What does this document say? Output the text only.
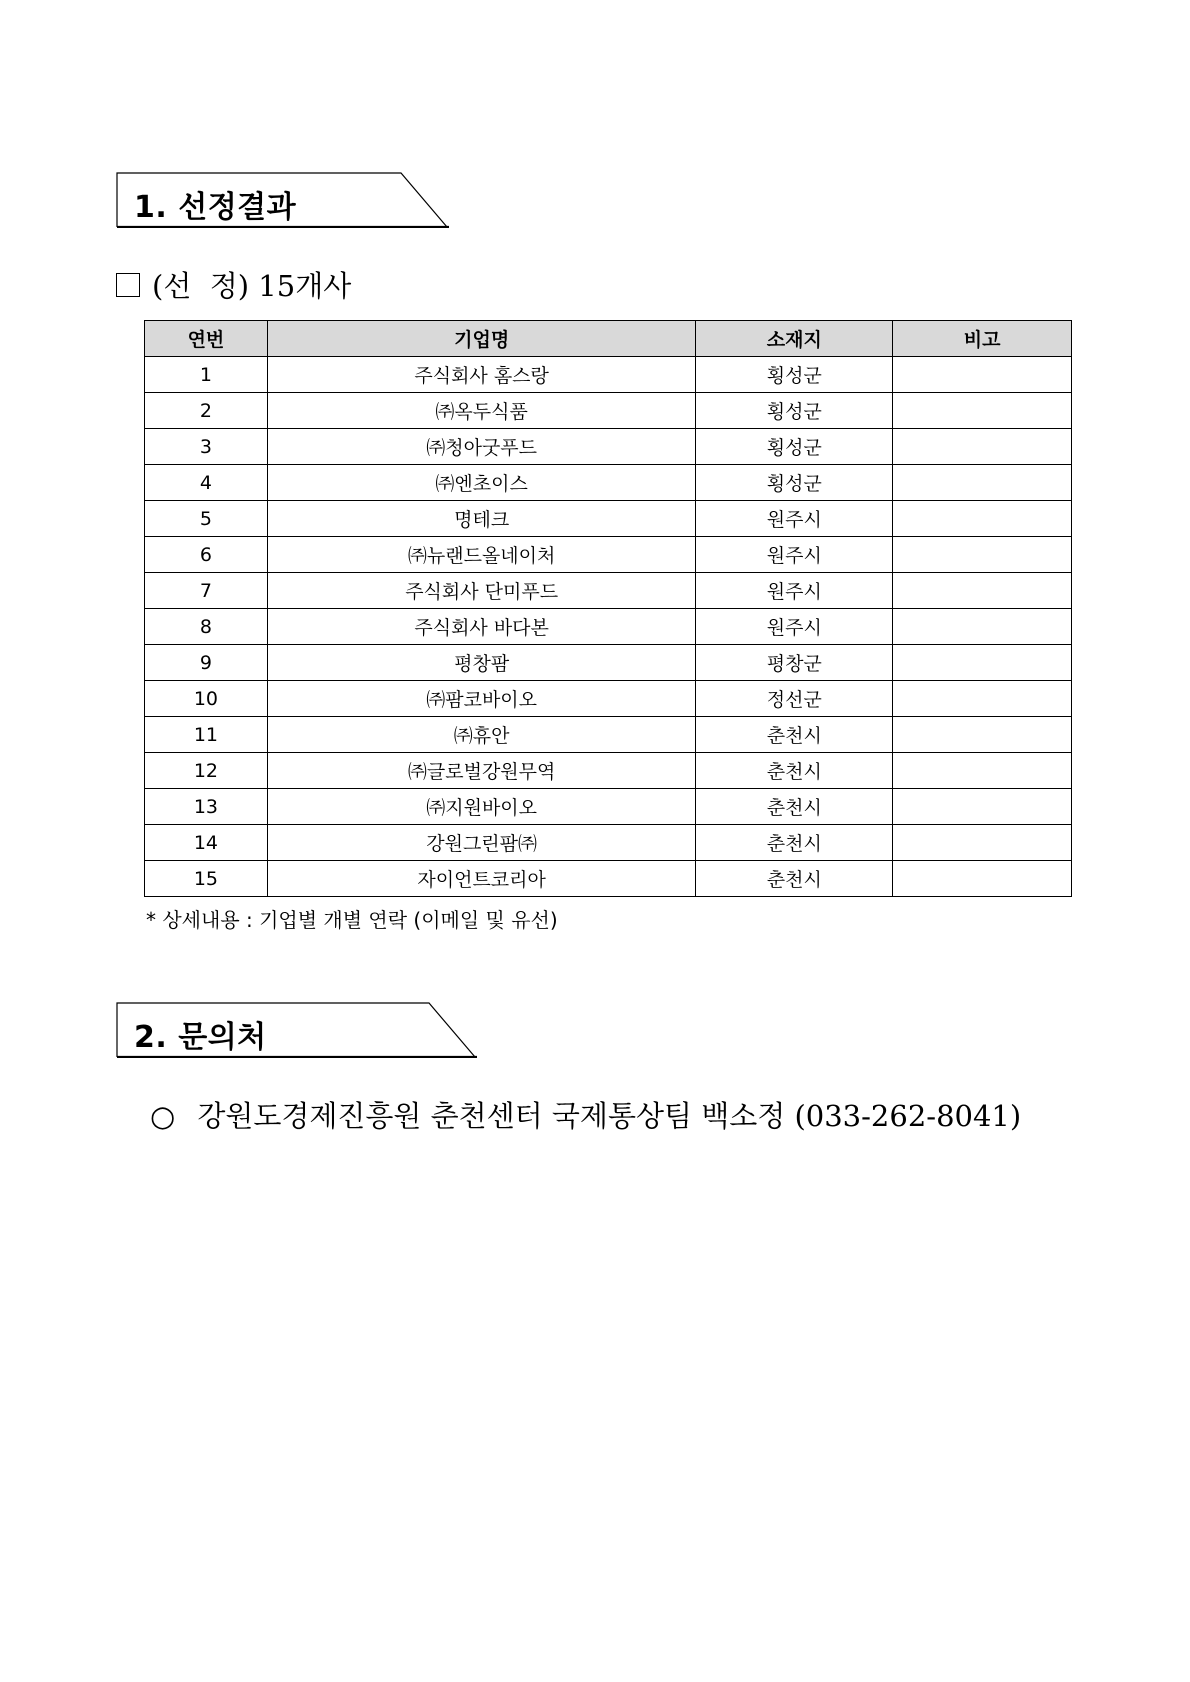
1. 선정결과
(선  정) 15개사
연번	기업명	소재지	비고
1	주식회사 홈스랑	횡성군	
2	㈜옥두식품	횡성군	
3	㈜청아굿푸드	횡성군	
4	㈜엔초이스	횡성군	
5	명테크	원주시	
6	㈜뉴랜드올네이처	원주시	
7	주식회사 단미푸드	원주시	
8	주식회사 바다본	원주시	
9	평창팜	평창군	
10	㈜팜코바이오	정선군	
11	㈜휴안	춘천시	
12	㈜글로벌강원무역	춘천시	
13	㈜지원바이오	춘천시	
14	강원그린팜㈜	춘천시	
15	자이언트코리아	춘천시	
* 상세내용 : 기업별 개별 연락 (이메일 및 유선)
2. 문의처
○ 강원도경제진흥원 춘천센터 국제통상팀 백소정 (033-262-8041)
